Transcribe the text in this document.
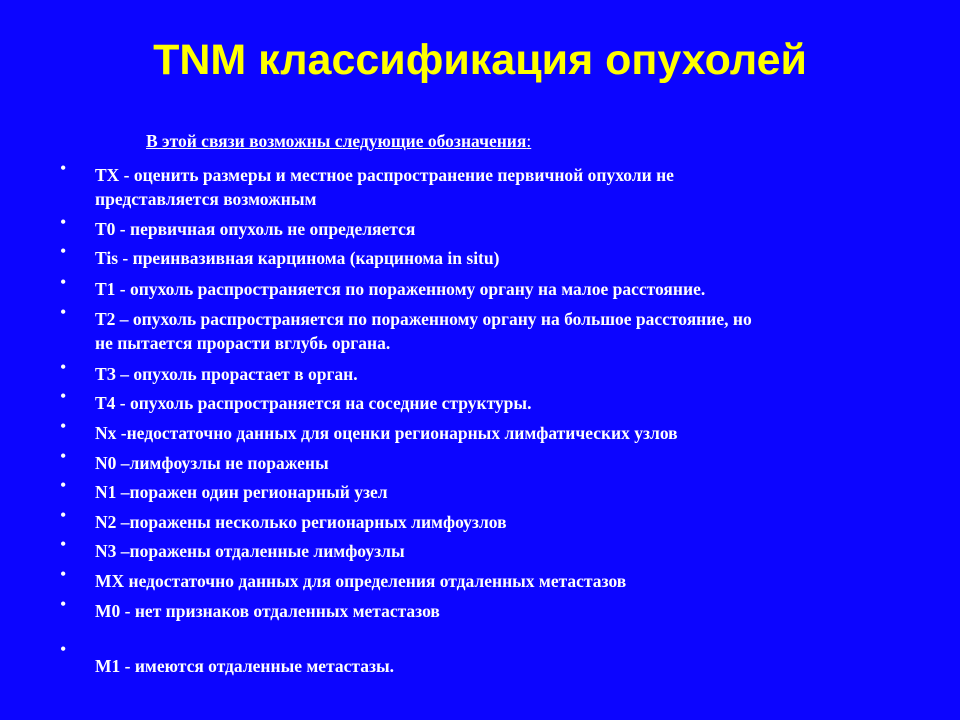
TNM классификация опухолей
В этой связи возможны следующие обозначения:
• ТХ - оценить размеры и местное распространение первичной опухоли не
представляется возможным
• Т0 - первичная опухоль не определяется
• Tis - преинвазивная карцинома (карцинома in situ)
• T1 - опухоль распространяется по пораженному органу на малое расстояние.
• Т2 – опухоль распространяется по пораженному органу на большое расстояние, но
не пытается прорасти вглубь органа.
• ТЗ – опухоль прорастает в орган.
• Т4 - опухоль распространяется на соседние структуры.
• Nx -недостаточно данных для оценки регионарных лимфатических узлов
• N0 –лимфоузлы не поражены
• N1 –поражен один регионарный узел
• N2 –поражены несколько регионарных лимфоузлов
• N3 –поражены отдаленные лимфоузлы
• МХ недостаточно данных для определения отдаленных метастазов
• М0 - нет признаков отдаленных метастазов
•
М1 - имеются отдаленные метастазы.
